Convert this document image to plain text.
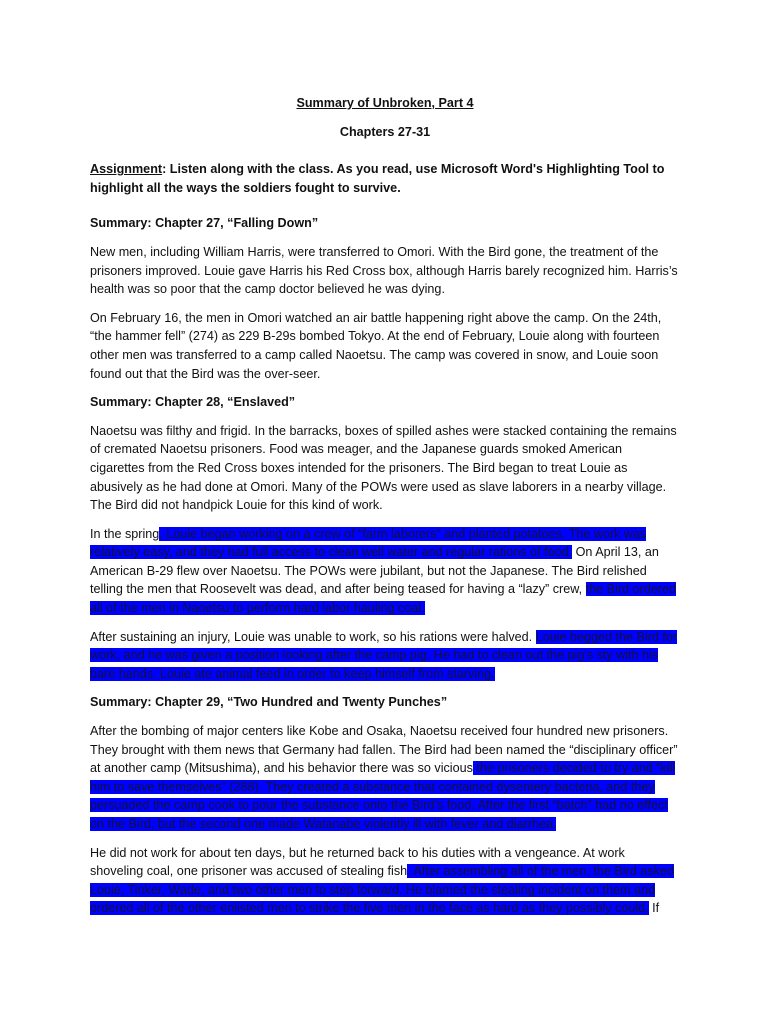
Summary of Unbroken, Part 4
Chapters 27-31
Assignment: Listen along with the class. As you read, use Microsoft Word's Highlighting Tool to highlight all the ways the soldiers fought to survive.
Summary: Chapter 27, “Falling Down”
New men, including William Harris, were transferred to Omori. With the Bird gone, the treatment of the prisoners improved. Louie gave Harris his Red Cross box, although Harris barely recognized him. Harris’s health was so poor that the camp doctor believed he was dying.
On February 16, the men in Omori watched an air battle happening right above the camp. On the 24th, “the hammer fell” (274) as 229 B-29s bombed Tokyo. At the end of February, Louie along with fourteen other men was transferred to a camp called Naoetsu. The camp was covered in snow, and Louie soon found out that the Bird was the over-seer.
Summary: Chapter 28, “Enslaved”
Naoetsu was filthy and frigid. In the barracks, boxes of spilled ashes were stacked containing the remains of cremated Naoetsu prisoners. Food was meager, and the Japanese guards smoked American cigarettes from the Red Cross boxes intended for the prisoners. The Bird began to treat Louie as abusively as he had done at Omori. Many of the POWs were used as slave laborers in a nearby village. The Bird did not handpick Louie for this kind of work.
In the spring, Louie began working on a crew of “farm laborers” and planted potatoes. The work was relatively easy, and they had full access to clean well water and regular rations of food. On April 13, an American B-29 flew over Naoetsu. The POWs were jubilant, but not the Japanese. The Bird relished telling the men that Roosevelt was dead, and after being teased for having a “lazy” crew, the Bird ordered all of the men in Naoetsu to perform hard labor hauling coal.
After sustaining an injury, Louie was unable to work, so his rations were halved. Louie begged the Bird for work, and he was given a position looking after the camp pig. He had to clean out the pig’s sty with his bare hands. Louie ate animal feed in order to keep himself from starving.
Summary: Chapter 29, “Two Hundred and Twenty Punches”
After the bombing of major centers like Kobe and Osaka, Naoetsu received four hundred new prisoners. They brought with them news that Germany had fallen. The Bird had been named the “disciplinary officer” at another camp (Mitsushima), and his behavior there was so vicious the prisoners decided to try and “kill him to save themselves” (288). They created a substance that contained dysentery bacteria, and they persuaded the camp cook to pour the substance onto the Bird’s food. After the first “batch” had no effect on the Bird, but the second one made Watanabe violently ill with fever and diarrhea.
He did not work for about ten days, but he returned back to his duties with a vengeance. At work shoveling coal, one prisoner was accused of stealing fish. After assembling all of the men, the Bird asked Louie, Tinker, Wade, and two other men to step forward. He blamed the stealing incident on them and ordered all of the other enlisted men to strike the five men in the face as hard as they possibly could. If
